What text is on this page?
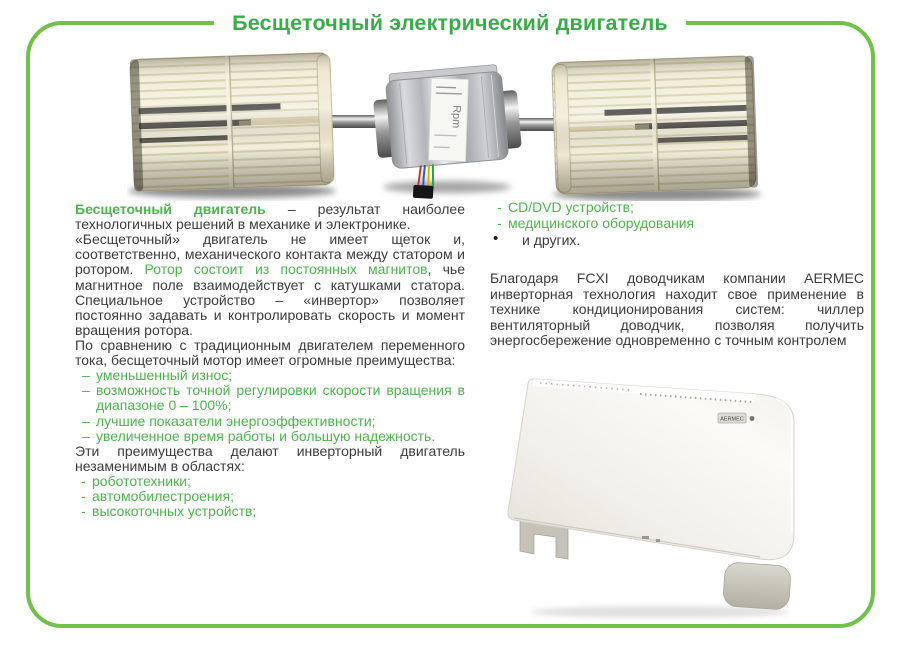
Бесщеточный электрический двигатель
Rpm

Бесщеточный двигатель – результат наиболее технологичных решений в механике и электронике.

«Бесщеточный» двигатель не имеет щеток и, соответственно, механического контакта между статором и ротором. Ротор состоит из постоянных магнитов, чье магнитное поле взаимодействует с катушками статора. Специальное устройство – «инвертор» позволяет постоянно задавать и контролировать скорость и момент вращения ротора.

По сравнению с традиционным двигателем переменного тока, бесщеточный мотор имеет огромные преимущества:

– уменьшенный износ;
– возможность точной регулировки скорости вращения в диапазоне 0 – 100%;
– лучшие показатели энергоэффективности;
– увеличенное время работы и большую надежность.

Эти преимущества делают инверторный двигатель незаменимым в областях:

- робототехники;
- автомобилестроения;
- высокоточных устройств;
- CD/DVD устройств;
- медицинского оборудования
• и других.

Благодаря FCXI доводчикам компании AERMEC инверторная технология находит свое применение в технике кондиционирования систем: чиллер вентиляторный доводчик, позволяя получить энергосбережение одновременно с точным контролем

AERMEC
